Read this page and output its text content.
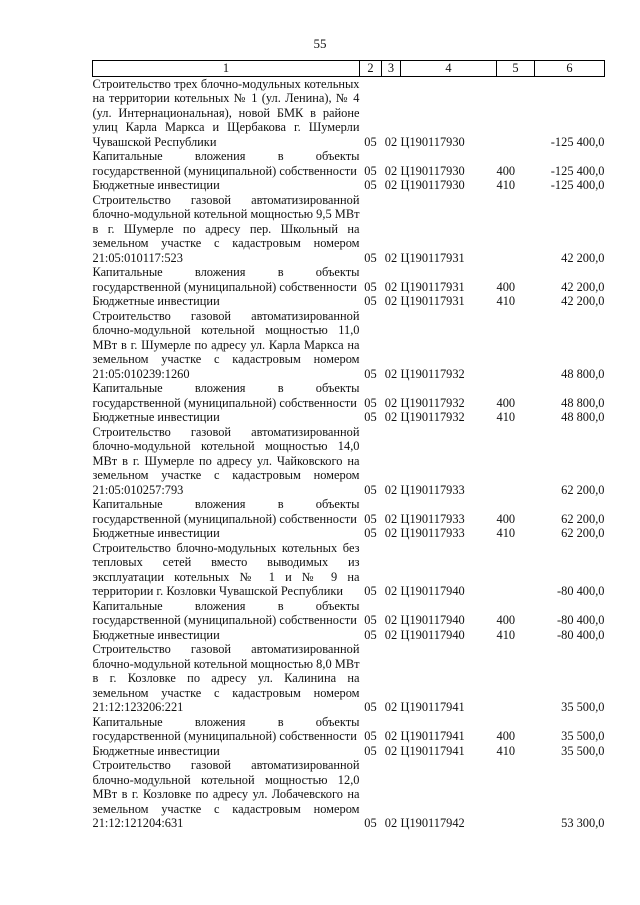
55
1	2	3	4	5	6
Строительство трех блочно-модульных котельных на территории котельных № 1 (ул. Ленина), № 4 (ул. Интернациональная), новой БМК в районе улиц Карла Маркса и Щербакова г. Шумерли Чувашской Республики	05	02	Ц190117930		-125 400,0
Капитальные вложения в объекты государственной (муниципальной) собственности	05	02	Ц190117930	400	-125 400,0
Бюджетные инвестиции	05	02	Ц190117930	410	-125 400,0
Строительство газовой автоматизированной блочно-модульной котельной мощностью 9,5 МВт в г. Шумерле по адресу пер. Школьный на земельном участке с кадастровым номером 21:05:010117:523	05	02	Ц190117931		42 200,0
Капитальные вложения в объекты государственной (муниципальной) собственности	05	02	Ц190117931	400	42 200,0
Бюджетные инвестиции	05	02	Ц190117931	410	42 200,0
Строительство газовой автоматизированной блочно-модульной котельной мощностью 11,0 МВт в г. Шумерле по адресу ул. Карла Маркса на земельном участке с кадастровым номером 21:05:010239:1260	05	02	Ц190117932		48 800,0
Капитальные вложения в объекты государственной (муниципальной) собственности	05	02	Ц190117932	400	48 800,0
Бюджетные инвестиции	05	02	Ц190117932	410	48 800,0
Строительство газовой автоматизированной блочно-модульной котельной мощностью 14,0 МВт в г. Шумерле по адресу ул. Чайковского на земельном участке с кадастровым номером 21:05:010257:793	05	02	Ц190117933		62 200,0
Капитальные вложения в объекты государственной (муниципальной) собственности	05	02	Ц190117933	400	62 200,0
Бюджетные инвестиции	05	02	Ц190117933	410	62 200,0
Строительство блочно-модульных котельных без тепловых сетей вместо выводимых из эксплуатации котельных № 1 и № 9 на территории г. Козловки Чувашской Республики	05	02	Ц190117940		-80 400,0
Капитальные вложения в объекты государственной (муниципальной) собственности	05	02	Ц190117940	400	-80 400,0
Бюджетные инвестиции	05	02	Ц190117940	410	-80 400,0
Строительство газовой автоматизированной блочно-модульной котельной мощностью 8,0 МВт в г. Козловке по адресу ул. Калинина на земельном участке с кадастровым номером 21:12:123206:221	05	02	Ц190117941		35 500,0
Капитальные вложения в объекты государственной (муниципальной) собственности	05	02	Ц190117941	400	35 500,0
Бюджетные инвестиции	05	02	Ц190117941	410	35 500,0
Строительство газовой автоматизированной блочно-модульной котельной мощностью 12,0 МВт в г. Козловке по адресу ул. Лобачевского на земельном участке с кадастровым номером 21:12:121204:631	05	02	Ц190117942		53 300,0
